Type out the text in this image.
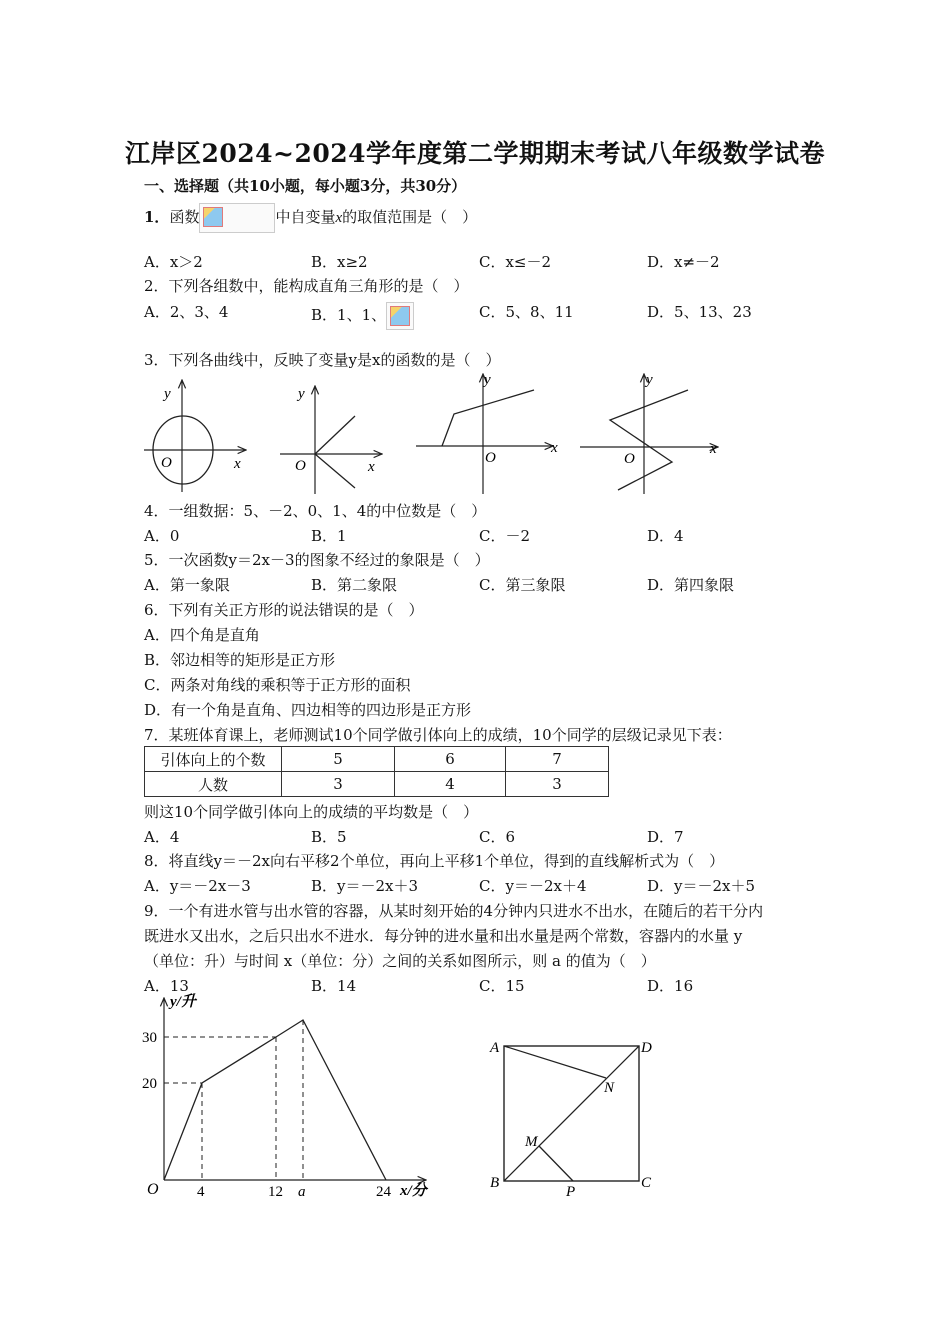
江岸区2024~2024学年度第二学期期末考试八年级数学试卷
一、选择题（共10小题，每小题3分，共30分）
1．函数	中自变量x的取值范围是（　）
A．x＞2	B．x≥2	C．x≤－2	D．x≠－2
2．下列各组数中，能构成直角三角形的是（　）
A．2、3、4	B．1、1、	C．5、8、11	D．5、13、23
3．下列各曲线中，反映了变量y是x的函数的是（　）
y
x
O
y
x
O
y
x
O
y
x
O
4．一组数据：5、－2、0、1、4的中位数是（　）
A．0	B．1	C．－2	D．4
5．一次函数y＝2x－3的图象不经过的象限是（　）
A．第一象限	B．第二象限	C．第三象限	D．第四象限
6．下列有关正方形的说法错误的是（　）
A．四个角是直角
B．邻边相等的矩形是正方形
C．两条对角线的乘积等于正方形的面积
D．有一个角是直角、四边相等的四边形是正方形
7．某班体育课上，老师测试10个同学做引体向上的成绩，10个同学的层级记录见下表：
引体向上的个数	5	6	7
人数	3	4	3
则这10个同学做引体向上的成绩的平均数是（　）
A．4	B．5	C．6	D．7
8．将直线y＝－2x向右平移2个单位，再向上平移1个单位，得到的直线解析式为（　）
A．y＝－2x－3	B．y＝－2x＋3	C．y＝－2x＋4	D．y＝－2x＋5
9．一个有进水管与出水管的容器，从某时刻开始的4分钟内只进水不出水，在随后的若干分内
既进水又出水，之后只出水不进水．每分钟的进水量和出水量是两个常数，容器内的水量 y
（单位：升）与时间 x（单位：分）之间的关系如图所示，则 a 的值为（　）
A．13	B．14	C．15	D．16
y/升
x/分
O
30
20
4	12 a	24
A	D
B	C
N
M
P
